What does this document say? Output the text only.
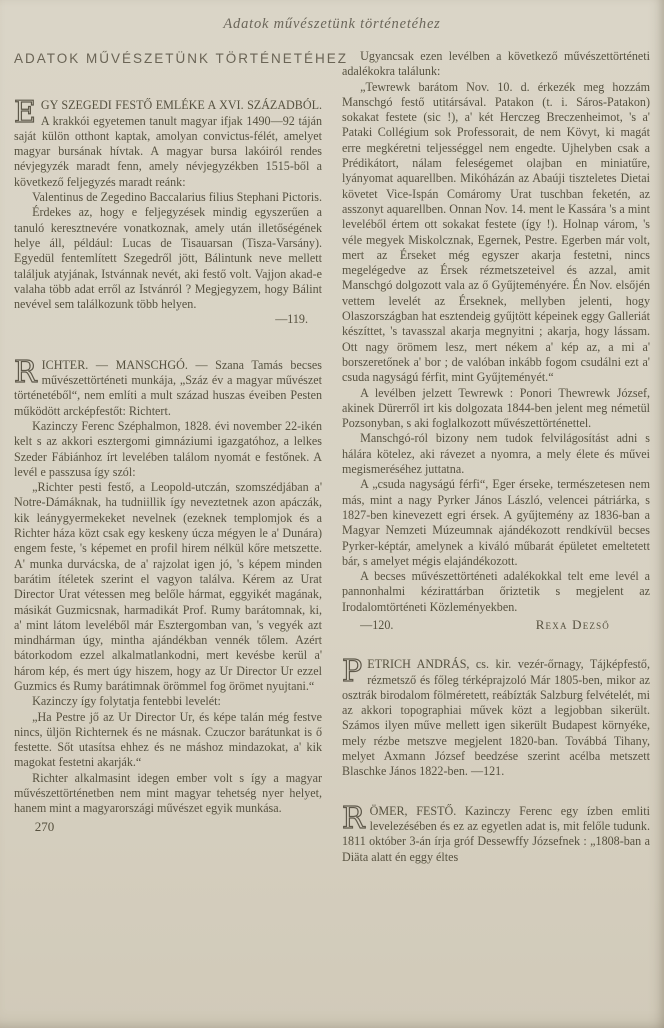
Adatok művészetünk történetéhez
ADATOK MŰVÉSZETÜNK TÖRTÉNETÉHEZ

EGY SZEGEDI FESTŐ EMLÉKE A XVI. SZÁZADBÓL. A krakkói egyetemen tanult magyar ifjak 1490—92 táján saját külön otthont kaptak, amolyan convictus-félét, amelyet magyar bursának hívtak. A magyar bursa lakóiról rendes névjegyzék maradt fenn, amely névjegyzékben 1515-ből a következő feljegyzés maradt reánk:

Valentinus de Zegedino Baccalarius filius Stephani Pictoris.

Érdekes az, hogy e feljegyzések mindig egyszerűen a tanuló keresztnevére vonatkoznak, amely után illetőségének helye áll, például: Lucas de Tisauarsan (Tisza-Varsány). Egyedül fentemlített Szegedről jött, Bálintunk neve mellett találjuk atyjának, Istvánnak nevét, aki festő volt. Vajjon akad-e valaha több adat erről az Istvánról ? Megjegyzem, hogy Bálint nevével sem találkozunk több helyen.

—119.

RICHTER. — MANSCHGÓ. — Szana Tamás becses művészettörténeti munkája, „Száz év a magyar művészet történetéből“, nem említi a mult század huszas éveiben Pesten működött arcképfestőt: Richtert.

Kazinczy Ferenc Széphalmon, 1828. évi november 22-ikén kelt s az akkori esztergomi gimnáziumi igazgatóhoz, a lelkes Szeder Fábiánhoz írt levelében találom nyomát e festőnek. A levél e passzusa így szól:

„Richter pesti festő, a Leopold-utczán, szomszédjában a' Notre-Dámáknak, ha tudniillik így neveztetnek azon apáczák, kik leánygyermekeket nevelnek (ezeknek templomjok és a Richter háza közt csak egy keskeny úcza mégyen le a' Dunára) engem feste, 's képemet en profil hirem nélkül kőre metszette. A' munka durvácska, de a' rajzolat igen jó, 's képem minden barátim ítéletek szerint el vagyon találva. Kérem az Urat Director Urat vétessen meg belőle hármat, eggyikét magának, másikát Guzmicsnak, harmadikát Prof. Rumy barátomnak, ki, a' mint látom leveléből már Esztergomban van, 's vegyék azt mindhárman úgy, mintha ajándékban vennék tőlem. Azért bátorkodom ezzel alkalmatlankodni, mert kevésbe kerül a' három kép, és mert úgy hiszem, hogy az Ur Director Ur ezzel Guzmics és Rumy barátimnak örömmel fog örömet nyujtani.“

Kazinczy így folytatja fentebbi levelét:

„Ha Pestre jő az Ur Director Ur, és képe talán még festve nincs, üljön Richternek és ne másnak. Czuczor barátunkat is ő festette. Sőt utasítsa ehhez és ne máshoz mindazokat, a' kik magokat festetni akarják.“

Richter alkalmasint idegen ember volt s így a magyar művészettörténetben nem mint magyar tehetség nyer helyet, hanem mint a magyarországi művészet egyik munkása.

270

Ugyancsak ezen levélben a következő művészettörténeti adalékokra találunk:

„Tewrewk barátom Nov. 10. d. érkezék meg hozzám Manschgó festő utitársával. Patakon (t. i. Sáros-Patakon) sokakat festete (sic !), a' két Herczeg Breczenheimot, 's a' Pataki Collégium sok Professorait, de nem Kövyt, ki magát erre megkéretni teljességgel nem engedte. Ujhelyben csak a Prédikátort, nálam feleségemet olajban en miniatűre, lyányomat aquarellben. Mikóházán az Abaúji tiszteletes Dietai követet Vice-Ispán Comáromy Urat tuschban feketén, az asszonyt aquarellben. Onnan Nov. 14. ment le Kassára 's a mint leveléből értem ott sokakat festete (így !). Holnap várom, 's véle megyek Miskolcznak, Egernek, Pestre. Egerben már volt, mert az Érseket még egyszer akarja festetni, nincs megelégedve az Érsek rézmetszeteivel és azzal, amit Manschgó dolgozott vala az ő Gyűjteményére. Én Nov. elsőjén vettem levelét az Érseknek, mellyben jelenti, hogy Olaszországban hat esztendeig gyűjtött képeinek eggy Galleriát készíttet, 's tavasszal akarja megnyitni ; akarja, hogy lássam. Ott nagy örömem lesz, mert nékem a' kép az, a mi a' borszeretőnek a' bor ; de valóban inkább fogom csudálni ezt a' csuda nagyságú férfit, mint Gyűjteményét.“

A levélben jelzett Tewrewk : Ponori Thewrewk József, akinek Dürerről irt kis dolgozata 1844-ben jelent meg németül Pozsonyban, s aki foglalkozott művészettörténettel.

Manschgó-ról bizony nem tudok felvilágosítást adni s hálára kötelez, aki rávezet a nyomra, a mely élete és művei megismeréséhez juttatna.

A „csuda nagyságú férfi“, Eger érseke, természetesen nem más, mint a nagy Pyrker János László, velencei pátriárka, s 1827-ben kinevezett egri érsek. A gyűjtemény az 1836-ban a Magyar Nemzeti Múzeumnak ajándékozott rendkívül becses Pyrker-képtár, amelynek a kiváló műbarát épületet emeltetett bár, s amelyet mégis elajándékozott.

A becses művészettörténeti adalékokkal telt eme levél a pannonhalmi kézirattárban őriztetik s megjelent az Irodalomtörténeti Közleményekben.

—120.	Rexa Dezső

PETRICH ANDRÁS, cs. kir. vezér-őrnagy, Tájképfestő, rézmetsző és főleg térképrajzoló Már 1805-ben, mikor az osztrák birodalom fölméretett, reábízták Salzburg felvételét, mi az akkori topographiai művek közt a legjobban sikerült. Számos ilyen műve mellett igen sikerült Budapest környéke, mely rézbe metszve megjelent 1820-ban. Továbbá Tihany, melyet Axmann József beedzése szerint acélba metszett Blaschke János 1822-ben. —121.

RÖMER, FESTŐ. Kazinczy Ferenc egy ízben emliti levelezésében és ez az egyetlen adat is, mit felőle tudunk. 1811 október 3-án írja gróf Dessewffy Józsefnek : „1808-ban a Diäta alatt én eggy éltes
